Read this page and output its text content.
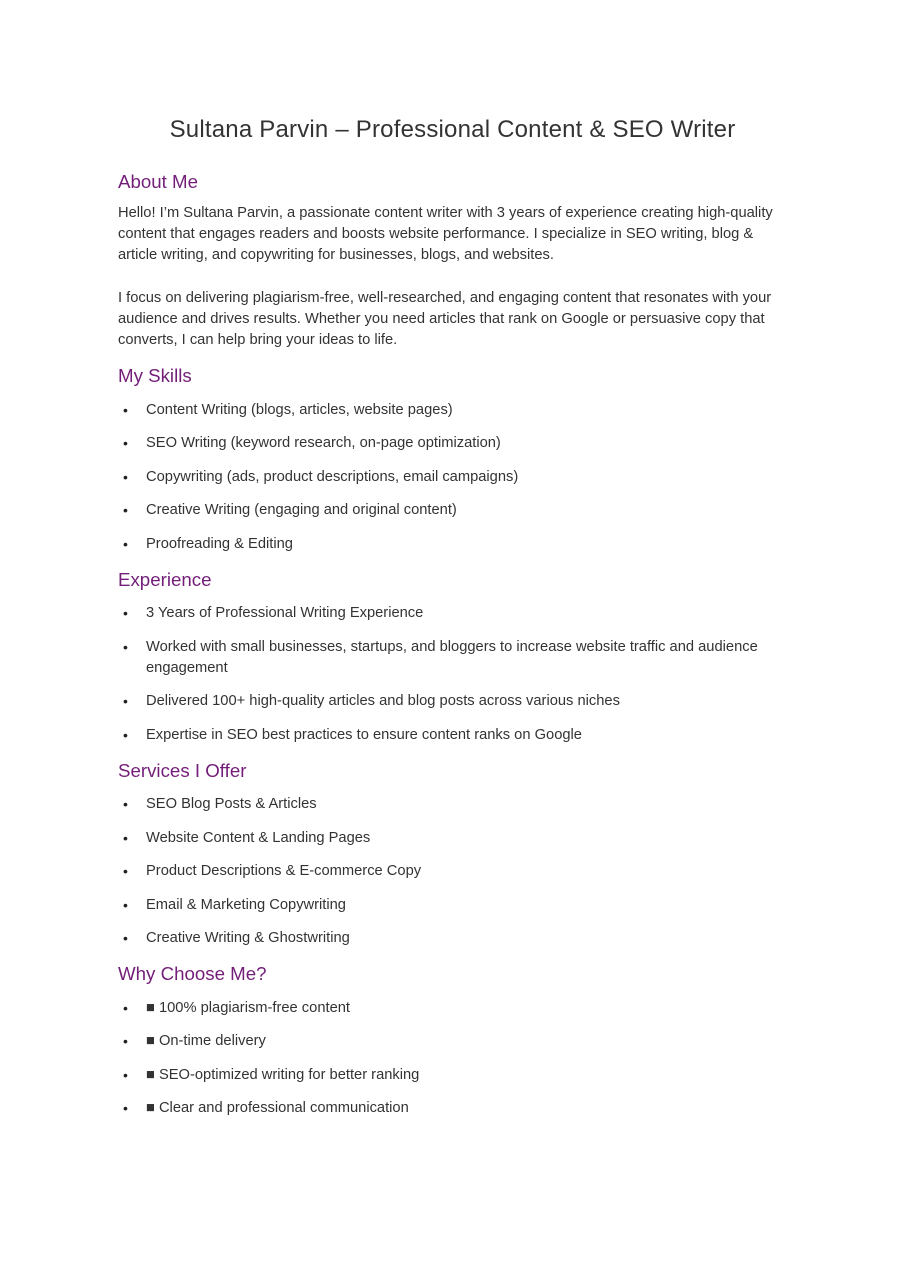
Sultana Parvin – Professional Content & SEO Writer
About Me

Hello! I’m Sultana Parvin, a passionate content writer with 3 years of experience creating high-quality content that engages readers and boosts website performance. I specialize in SEO writing, blog & article writing, and copywriting for businesses, blogs, and websites.

I focus on delivering plagiarism-free, well-researched, and engaging content that resonates with your audience and drives results. Whether you need articles that rank on Google or persuasive copy that converts, I can help bring your ideas to life.

My Skills
• Content Writing (blogs, articles, website pages)
• SEO Writing (keyword research, on-page optimization)
• Copywriting (ads, product descriptions, email campaigns)
• Creative Writing (engaging and original content)
• Proofreading & Editing
Experience
• 3 Years of Professional Writing Experience
• Worked with small businesses, startups, and bloggers to increase website traffic and audience engagement
• Delivered 100+ high-quality articles and blog posts across various niches
• Expertise in SEO best practices to ensure content ranks on Google
Services I Offer
• SEO Blog Posts & Articles
• Website Content & Landing Pages
• Product Descriptions & E-commerce Copy
• Email & Marketing Copywriting
• Creative Writing & Ghostwriting
Why Choose Me?
• ■ 100% plagiarism-free content
• ■ On-time delivery
• ■ SEO-optimized writing for better ranking
• ■ Clear and professional communication
